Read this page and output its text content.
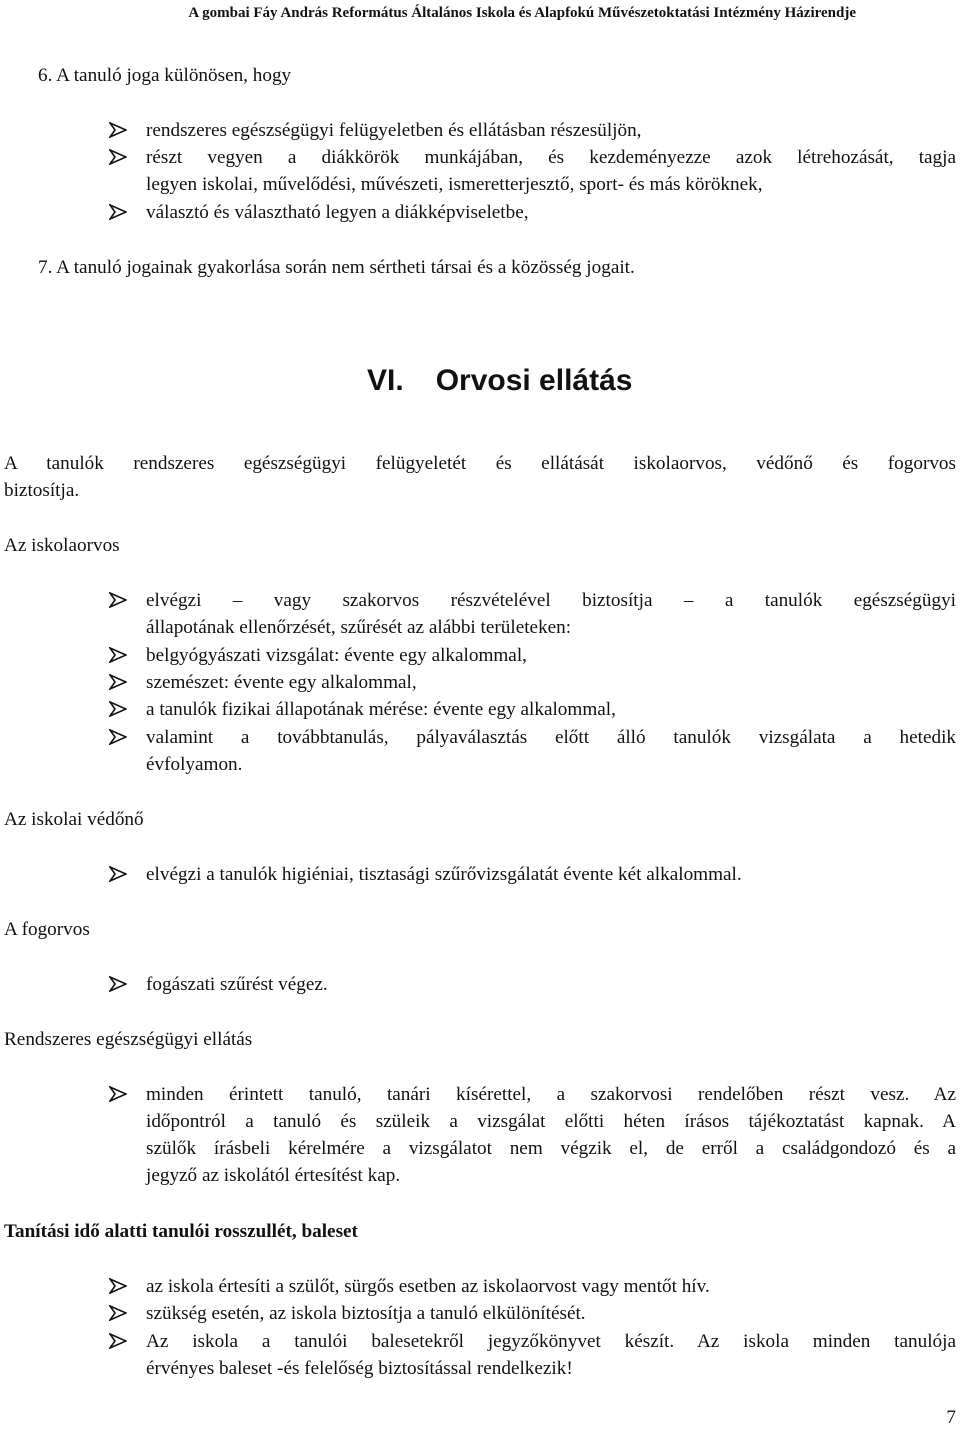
A gombai Fáy András Református Általános Iskola és Alapfokú Művészetoktatási Intézmény Házirendje
6. A tanuló joga különösen, hogy
rendszeres egészségügyi felügyeletben és ellátásban részesüljön,
részt vegyen a diákkörök munkájában, és kezdeményezze azok létrehozását, tagja
legyen iskolai, művelődési, művészeti, ismeretterjesztő, sport- és más köröknek,
választó és választható legyen a diákképviseletbe,
7. A tanuló jogainak gyakorlása során nem sértheti társai és a közösség jogait.
VI. Orvosi ellátás
A tanulók rendszeres egészségügyi felügyeletét és ellátását iskolaorvos, védőnő és fogorvos
biztosítja.
Az iskolaorvos
elvégzi – vagy szakorvos részvételével biztosítja – a tanulók egészségügyi
állapotának ellenőrzését, szűrését az alábbi területeken:
belgyógyászati vizsgálat: évente egy alkalommal,
szemészet: évente egy alkalommal,
a tanulók fizikai állapotának mérése: évente egy alkalommal,
valamint a továbbtanulás, pályaválasztás előtt álló tanulók vizsgálata a hetedik
évfolyamon.
Az iskolai védőnő
elvégzi a tanulók higiéniai, tisztasági szűrővizsgálatát évente két alkalommal.
A fogorvos
fogászati szűrést végez.
Rendszeres egészségügyi ellátás
minden érintett tanuló, tanári kísérettel, a szakorvosi rendelőben részt vesz. Az
időpontról a tanuló és szüleik a vizsgálat előtti héten írásos tájékoztatást kapnak. A
szülők írásbeli kérelmére a vizsgálatot nem végzik el, de erről a családgondozó és a
jegyző az iskolától értesítést kap.
Tanítási idő alatti tanulói rosszullét, baleset
az iskola értesíti a szülőt, sürgős esetben az iskolaorvost vagy mentőt hív.
szükség esetén, az iskola biztosítja a tanuló elkülönítését.
Az iskola a tanulói balesetekről jegyzőkönyvet készít. Az iskola minden tanulója
érvényes baleset -és felelőség biztosítással rendelkezik!
7
